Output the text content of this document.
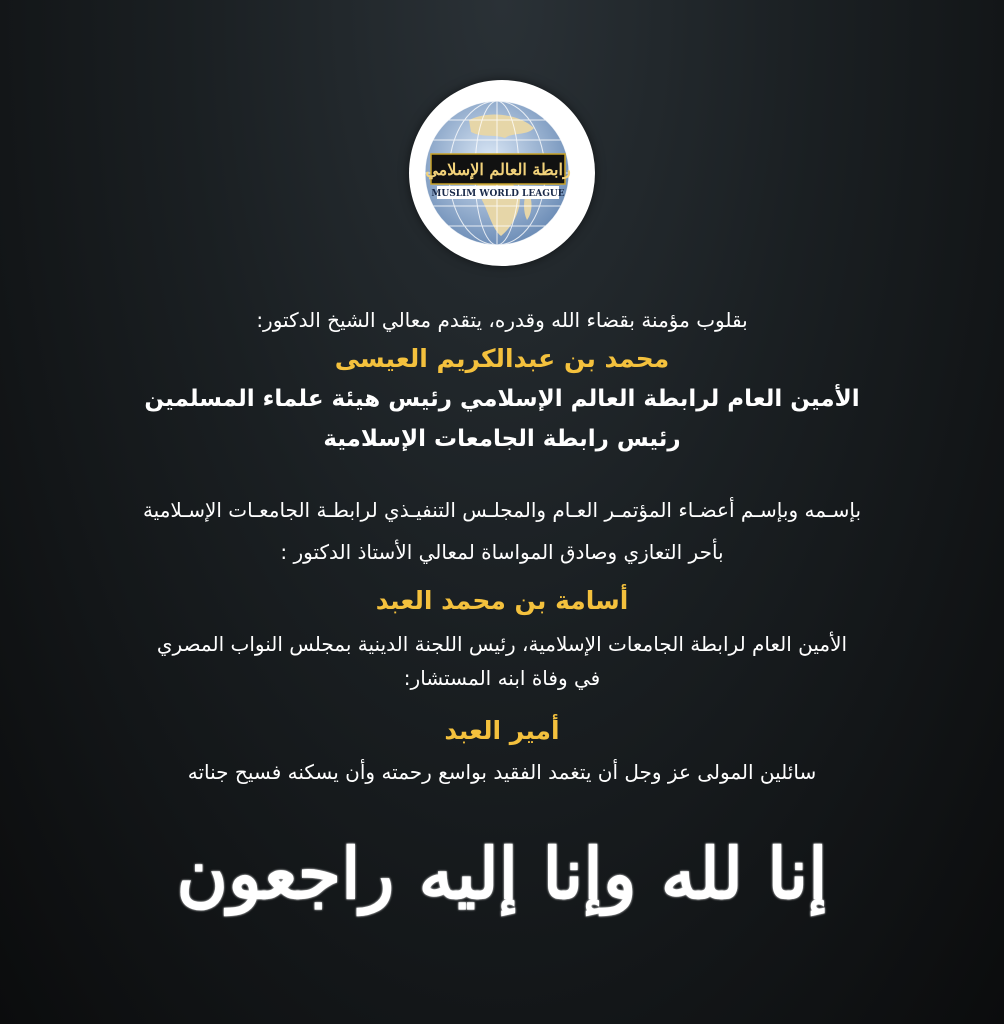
رابطة العالم الإسلامي
MUSLIM WORLD LEAGUE
بقلوب مؤمنة بقضاء الله وقدره، يتقدم معالي الشيخ الدكتور:
محمد بن عبدالكريم العيسى
الأمين العام لرابطة العالم الإسلامي رئيس هيئة علماء المسلمين
رئيس رابطة الجامعات الإسلامية
بإسـمه وبإسـم أعضـاء المؤتمـر العـام والمجلـس التنفيـذي لرابطـة الجامعـات الإسـلامية
بأحر التعازي وصادق المواساة لمعالي الأستاذ الدكتور :
أسامة بن محمد العبد
الأمين العام لرابطة الجامعات الإسلامية، رئيس اللجنة الدينية بمجلس النواب المصري
في وفاة ابنه المستشار:
أمير العبد
سائلين المولى عز وجل أن يتغمد الفقيد بواسع رحمته وأن يسكنه فسيح جناته
إنا لله وإنا إليه راجعون
